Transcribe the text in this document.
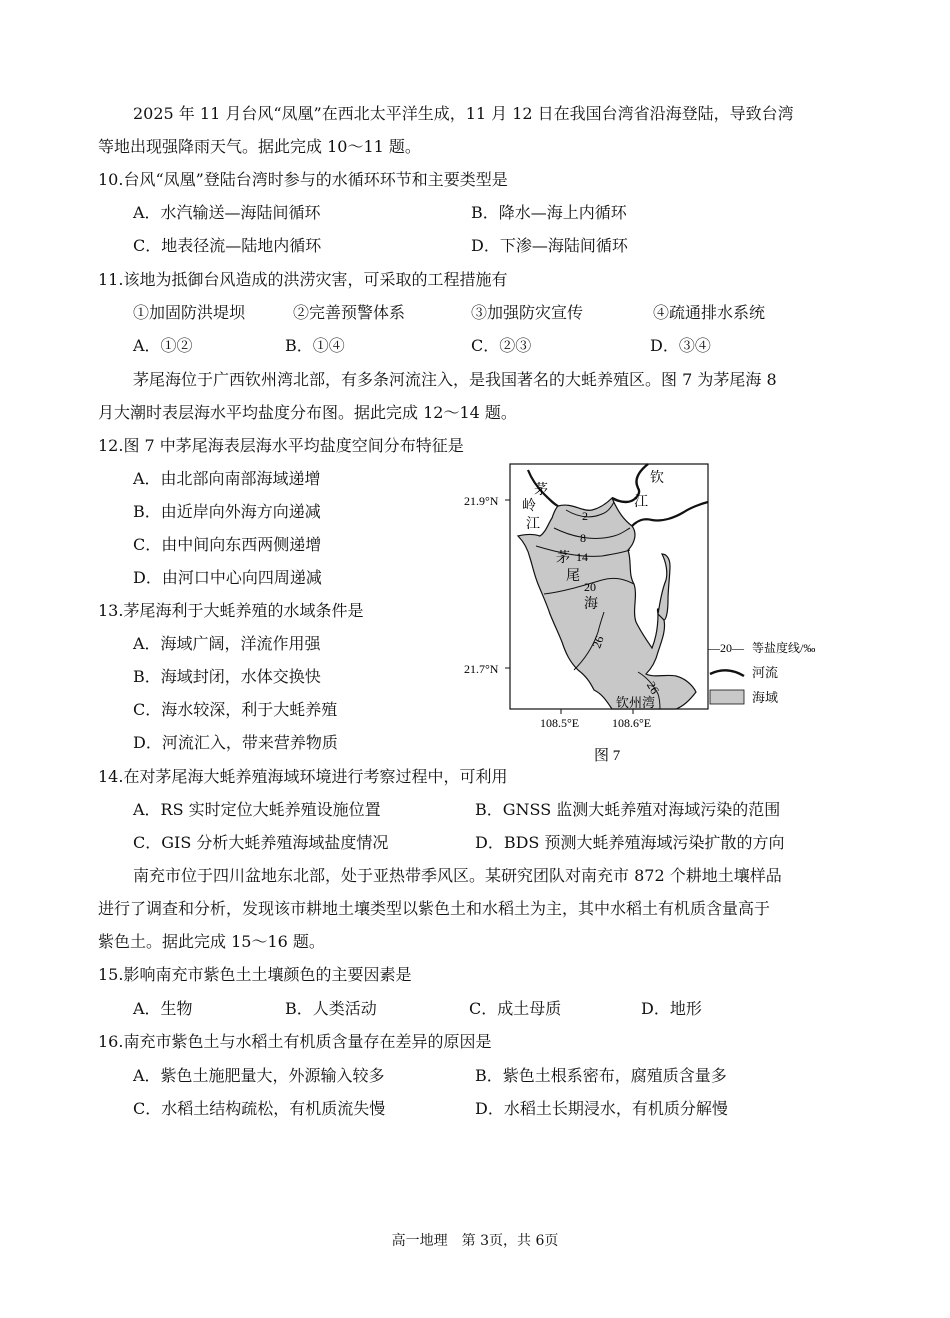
2025 年 11 月台风“凤凰”在西北太平洋生成，11 月 12 日在我国台湾省沿海登陆，导致台湾
等地出现强降雨天气。据此完成 10～11 题。
10.台风“凤凰”登陆台湾时参与的水循环环节和主要类型是
A．水汽输送—海陆间循环	B．降水—海上内循环
C．地表径流—陆地内循环	D．下渗—海陆间循环
11.该地为抵御台风造成的洪涝灾害，可采取的工程措施有
①加固防洪堤坝	②完善预警体系	③加强防灾宣传	④疏通排水系统
A．①②	B．①④	C．②③	D．③④
茅尾海位于广西钦州湾北部，有多条河流注入，是我国著名的大蚝养殖区。图 7 为茅尾海 8
月大潮时表层海水平均盐度分布图。据此完成 12～14 题。
12.图 7 中茅尾海表层海水平均盐度空间分布特征是
A．由北部向南部海域递增
B．由近岸向外海方向递减
C．由中间向东西两侧递增
D．由河口中心向四周递减
13.茅尾海利于大蚝养殖的水域条件是
A．海域广阔，洋流作用强
B．海域封闭，水体交换快
C．海水较深，利于大蚝养殖
D．河流汇入，带来营养物质
2
8
14
20
26
26
茅
岭
江
钦
江
茅
尾
海
钦州湾
21.9°N
21.7°N
108.5°E	108.6°E
—20— 等盐度线/‰
河流
海域
图 7
14.在对茅尾海大蚝养殖海域环境进行考察过程中，可利用
A．RS 实时定位大蚝养殖设施位置	B．GNSS 监测大蚝养殖对海域污染的范围
C．GIS 分析大蚝养殖海域盐度情况	D．BDS 预测大蚝养殖海域污染扩散的方向
南充市位于四川盆地东北部，处于亚热带季风区。某研究团队对南充市 872 个耕地土壤样品
进行了调查和分析，发现该市耕地土壤类型以紫色土和水稻土为主，其中水稻土有机质含量高于
紫色土。据此完成 15～16 题。
15.影响南充市紫色土土壤颜色的主要因素是
A．生物	B．人类活动	C．成土母质	D．地形
16.南充市紫色土与水稻土有机质含量存在差异的原因是
A．紫色土施肥量大，外源输入较多	B．紫色土根系密布，腐殖质含量多
C．水稻土结构疏松，有机质流失慢	D．水稻土长期浸水，有机质分解慢
高一地理　第 3页，共 6页
